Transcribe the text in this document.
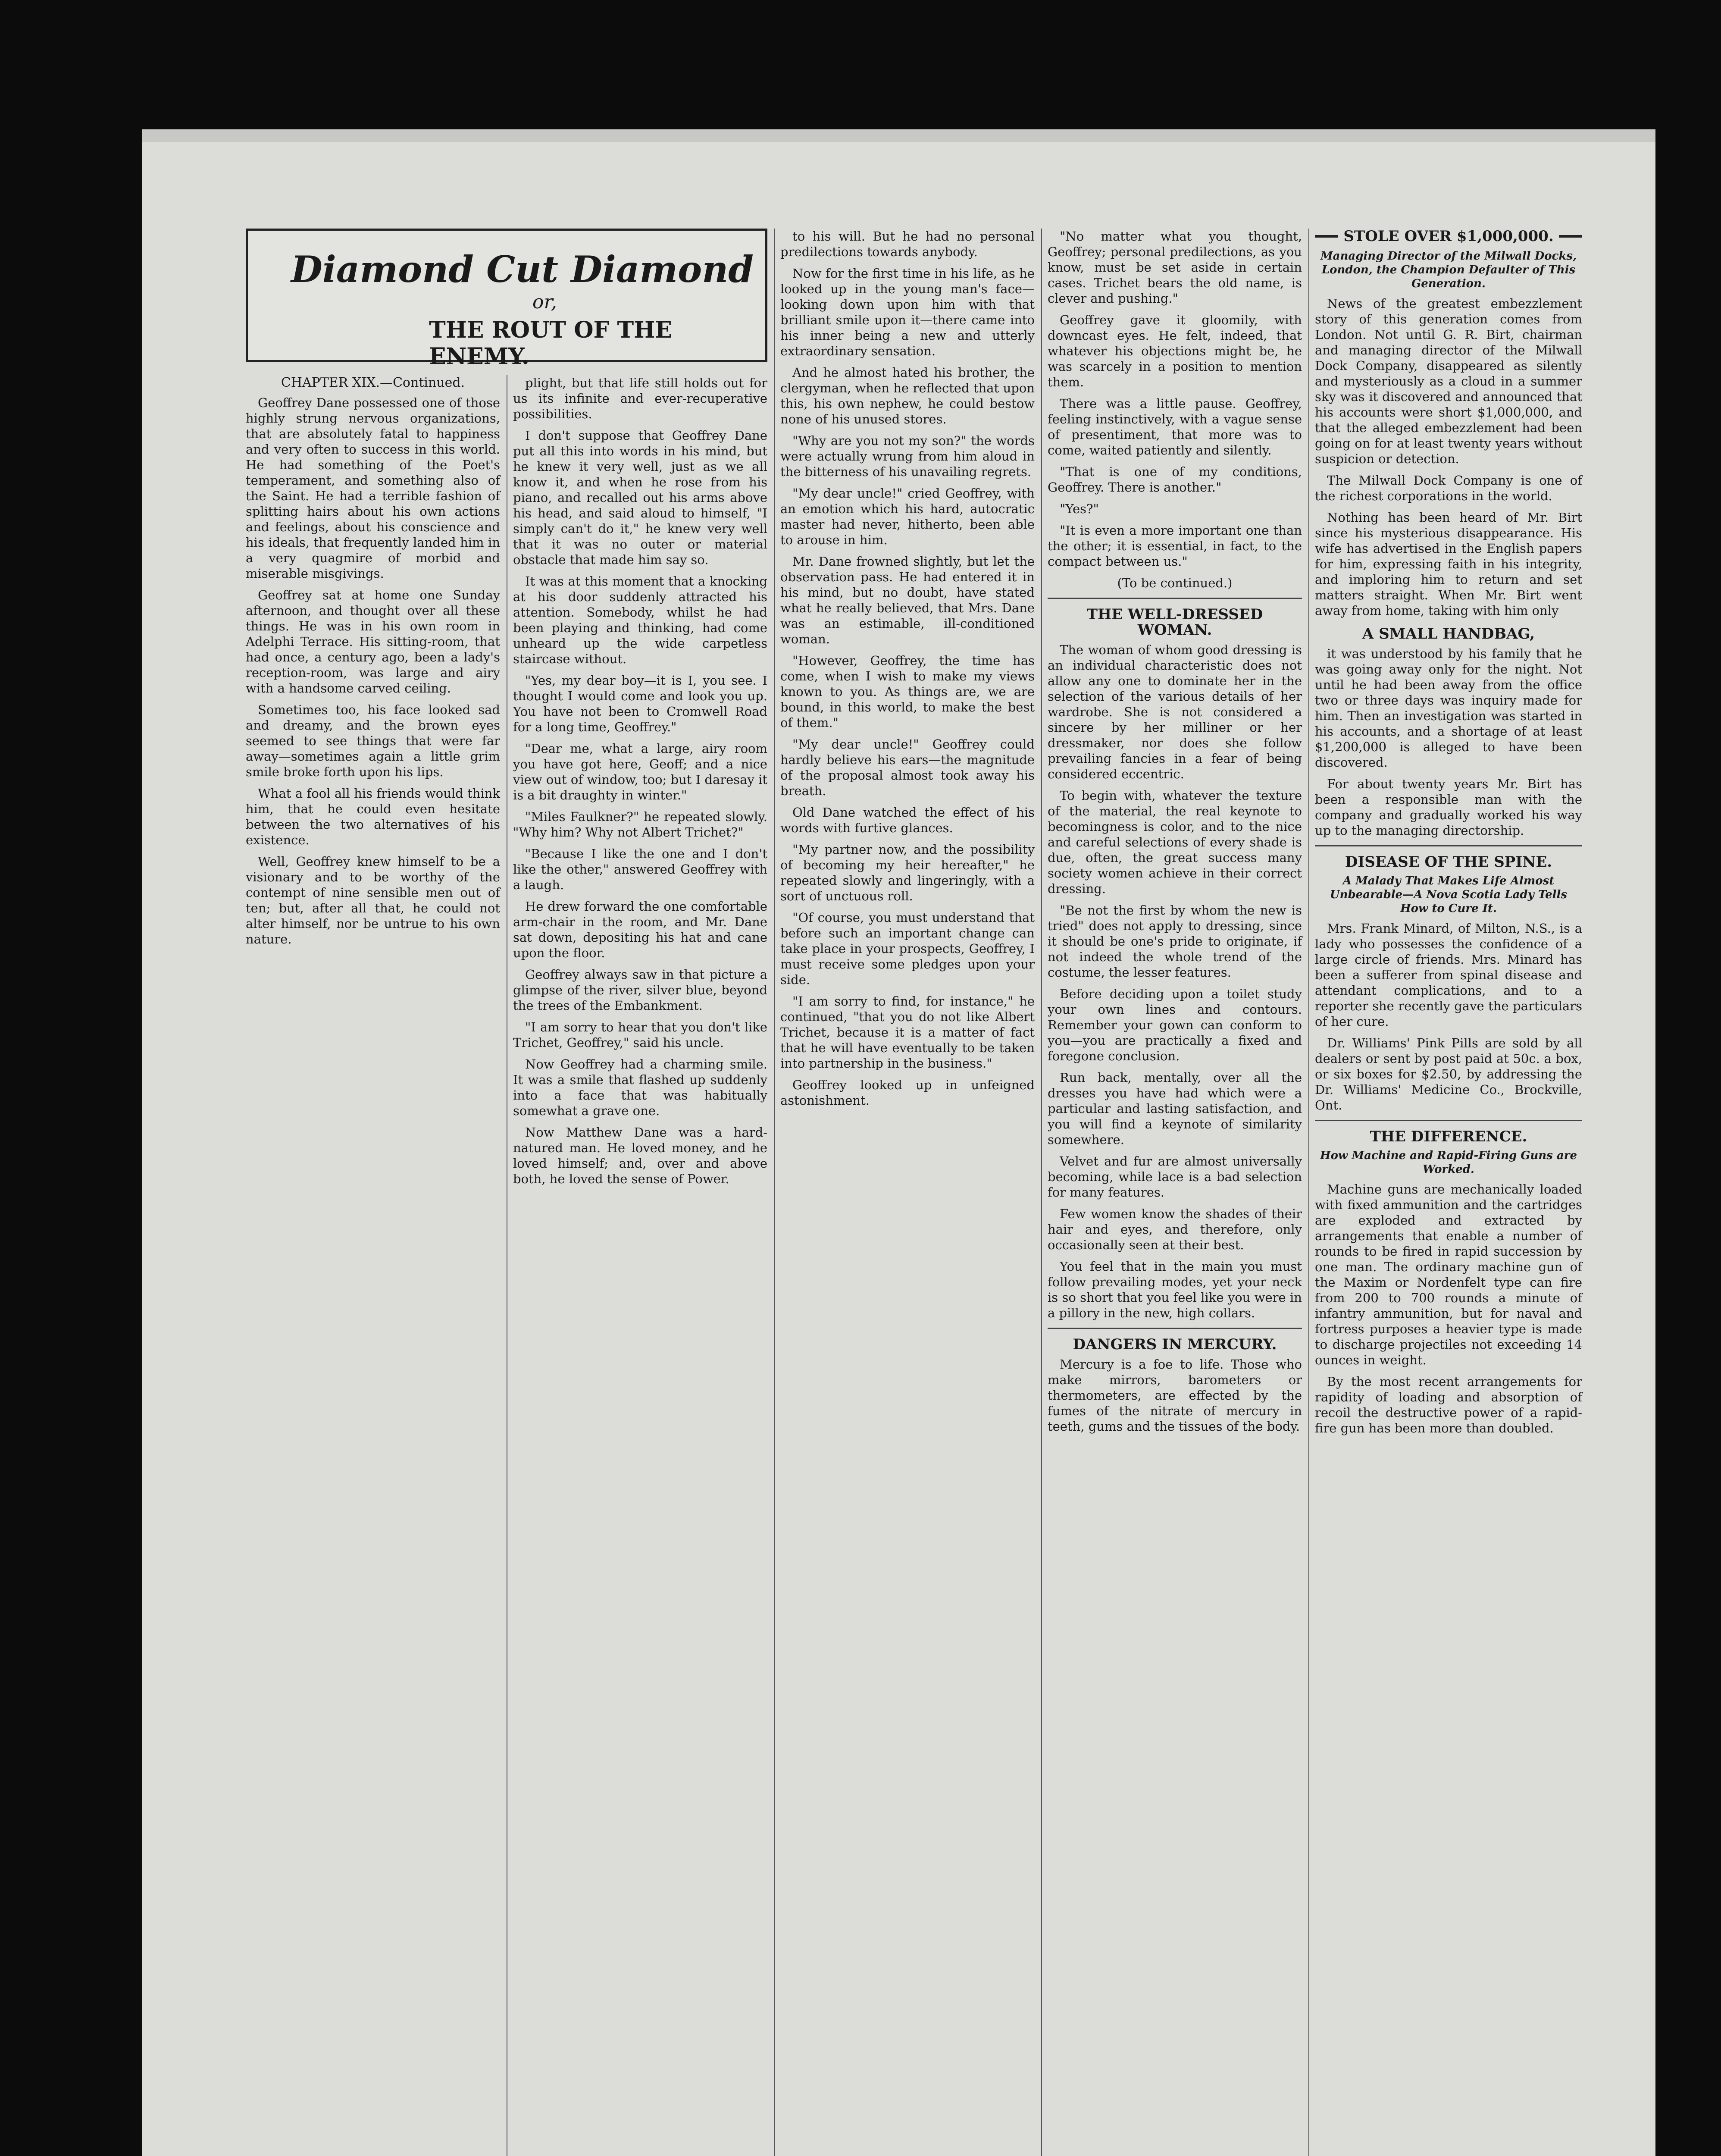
Diamond Cut Diamond
or,
THE ROUT OF THE ENEMY.
CHAPTER XIX.—Continued.

Geoffrey Dane possessed one of those highly strung nervous organizations, that are absolutely fatal to happiness and very often to success in this world. He had something of the Poet's temperament, and something also of the Saint. He had a terrible fashion of splitting hairs about his own actions and feelings, about his conscience and his ideals, that frequently landed him in a very quagmire of morbid and miserable misgivings.

Geoffrey sat at home one Sunday afternoon, and thought over all these things. He was in his own room in Adelphi Terrace. His sitting-room, that had once, a century ago, been a lady's reception-room, was large and airy with a handsome carved ceiling.

Sometimes too, his face looked sad and dreamy, and the brown eyes seemed to see things that were far away—sometimes again a little grim smile broke forth upon his lips.

What a fool all his friends would think him, that he could even hesitate between the two alternatives of his existence.

Well, Geoffrey knew himself to be a visionary and to be worthy of the contempt of nine sensible men out of ten; but, after all that, he could not alter himself, nor be untrue to his own nature.

plight, but that life still holds out for us its infinite and ever-recuperative possibilities.

I don't suppose that Geoffrey Dane put all this into words in his mind, but he knew it very well, just as we all know it, and when he rose from his piano, and recalled out his arms above his head, and said aloud to himself, "I simply can't do it," he knew very well that it was no outer or material obstacle that made him say so.

It was at this moment that a knocking at his door suddenly attracted his attention. Somebody, whilst he had been playing and thinking, had come unheard up the wide carpetless staircase without.

"Yes, my dear boy—it is I, you see. I thought I would come and look you up. You have not been to Cromwell Road for a long time, Geoffrey."

"Dear me, what a large, airy room you have got here, Geoff; and a nice view out of window, too; but I daresay it is a bit draughty in winter."

"Miles Faulkner?" he repeated slowly. "Why him? Why not Albert Trichet?"

"Because I like the one and I don't like the other," answered Geoffrey with a laugh.

He drew forward the one comfortable arm-chair in the room, and Mr. Dane sat down, depositing his hat and cane upon the floor.

Geoffrey always saw in that picture a glimpse of the river, silver blue, beyond the trees of the Embankment.

"I am sorry to hear that you don't like Trichet, Geoffrey," said his uncle.

Now Geoffrey had a charming smile. It was a smile that flashed up suddenly into a face that was habitually somewhat a grave one.

Now Matthew Dane was a hard-natured man. He loved money, and he loved himself; and, over and above both, he loved the sense of Power.

to his will. But he had no personal predilections towards anybody.

Now for the first time in his life, as he looked up in the young man's face—looking down upon him with that brilliant smile upon it—there came into his inner being a new and utterly extraordinary sensation.

And he almost hated his brother, the clergyman, when he reflected that upon this, his own nephew, he could bestow none of his unused stores.

"Why are you not my son?" the words were actually wrung from him aloud in the bitterness of his unavailing regrets.

"My dear uncle!" cried Geoffrey, with an emotion which his hard, autocratic master had never, hitherto, been able to arouse in him.

Mr. Dane frowned slightly, but let the observation pass. He had entered it in his mind, but no doubt, have stated what he really believed, that Mrs. Dane was an estimable, ill-conditioned woman.

"However, Geoffrey, the time has come, when I wish to make my views known to you. As things are, we are bound, in this world, to make the best of them."

"My dear uncle!" Geoffrey could hardly believe his ears—the magnitude of the proposal almost took away his breath.

Old Dane watched the effect of his words with furtive glances.

"My partner now, and the possibility of becoming my heir hereafter," he repeated slowly and lingeringly, with a sort of unctuous roll.

"Of course, you must understand that before such an important change can take place in your prospects, Geoffrey, I must receive some pledges upon your side.

"I am sorry to find, for instance," he continued, "that you do not like Albert Trichet, because it is a matter of fact that he will have eventually to be taken into partnership in the business."

Geoffrey looked up in unfeigned astonishment.

"No matter what you thought, Geoffrey; personal predilections, as you know, must be set aside in certain cases. Trichet bears the old name, is clever and pushing."

Geoffrey gave it gloomily, with downcast eyes. He felt, indeed, that whatever his objections might be, he was scarcely in a position to mention them.

There was a little pause. Geoffrey, feeling instinctively, with a vague sense of presentiment, that more was to come, waited patiently and silently.

"That is one of my conditions, Geoffrey. There is another."

"Yes?"

"It is even a more important one than the other; it is essential, in fact, to the compact between us."

(To be continued.)
THE WELL-DRESSED WOMAN.

The woman of whom good dressing is an individual characteristic does not allow any one to dominate her in the selection of the various details of her wardrobe. She is not considered a sincere by her milliner or her dressmaker, nor does she follow prevailing fancies in a fear of being considered eccentric.

To begin with, whatever the texture of the material, the real keynote to becomingness is color, and to the nice and careful selections of every shade is due, often, the great success many society women achieve in their correct dressing.

"Be not the first by whom the new is tried" does not apply to dressing, since it should be one's pride to originate, if not indeed the whole trend of the costume, the lesser features.

Before deciding upon a toilet study your own lines and contours. Remember your gown can conform to you—you are practically a fixed and foregone conclusion.

Run back, mentally, over all the dresses you have had which were a particular and lasting satisfaction, and you will find a keynote of similarity somewhere.

Velvet and fur are almost universally becoming, while lace is a bad selection for many features.

Few women know the shades of their hair and eyes, and therefore, only occasionally seen at their best.

You feel that in the main you must follow prevailing modes, yet your neck is so short that you feel like you were in a pillory in the new, high collars.

DANGERS IN MERCURY.

Mercury is a foe to life. Those who make mirrors, barometers or thermometers, are effected by the fumes of the nitrate of mercury in teeth, gums and the tissues of the body.

STOLE OVER $1,000,000.
Managing Director of the Milwall Docks, London, the Champion Defaulter of This Generation.

News of the greatest embezzlement story of this generation comes from London. Not until G. R. Birt, chairman and managing director of the Milwall Dock Company, disappeared as silently and mysteriously as a cloud in a summer sky was it discovered and announced that his accounts were short $1,000,000, and that the alleged embezzlement had been going on for at least twenty years without suspicion or detection.

The Milwall Dock Company is one of the richest corporations in the world.

Nothing has been heard of Mr. Birt since his mysterious disappearance. His wife has advertised in the English papers for him, expressing faith in his integrity, and imploring him to return and set matters straight. When Mr. Birt went away from home, taking with him only

A SMALL HANDBAG,

it was understood by his family that he was going away only for the night. Not until he had been away from the office two or three days was inquiry made for him. Then an investigation was started in his accounts, and a shortage of at least $1,200,000 is alleged to have been discovered.

For about twenty years Mr. Birt has been a responsible man with the company and gradually worked his way up to the managing directorship.

DISEASE OF THE SPINE.
A Malady That Makes Life Almost Unbearable—A Nova Scotia Lady Tells How to Cure It.

Mrs. Frank Minard, of Milton, N.S., is a lady who possesses the confidence of a large circle of friends. Mrs. Minard has been a sufferer from spinal disease and attendant complications, and to a reporter she recently gave the particulars of her cure.

Dr. Williams' Pink Pills are sold by all dealers or sent by post paid at 50c. a box, or six boxes for $2.50, by addressing the Dr. Williams' Medicine Co., Brockville, Ont.

THE DIFFERENCE.
How Machine and Rapid-Firing Guns are Worked.

Machine guns are mechanically loaded with fixed ammunition and the cartridges are exploded and extracted by arrangements that enable a number of rounds to be fired in rapid succession by one man. The ordinary machine gun of the Maxim or Nordenfelt type can fire from 200 to 700 rounds a minute of infantry ammunition, but for naval and fortress purposes a heavier type is made to discharge projectiles not exceeding 14 ounces in weight.

By the most recent arrangements for rapidity of loading and absorption of recoil the destructive power of a rapid-fire gun has been more than doubled.
